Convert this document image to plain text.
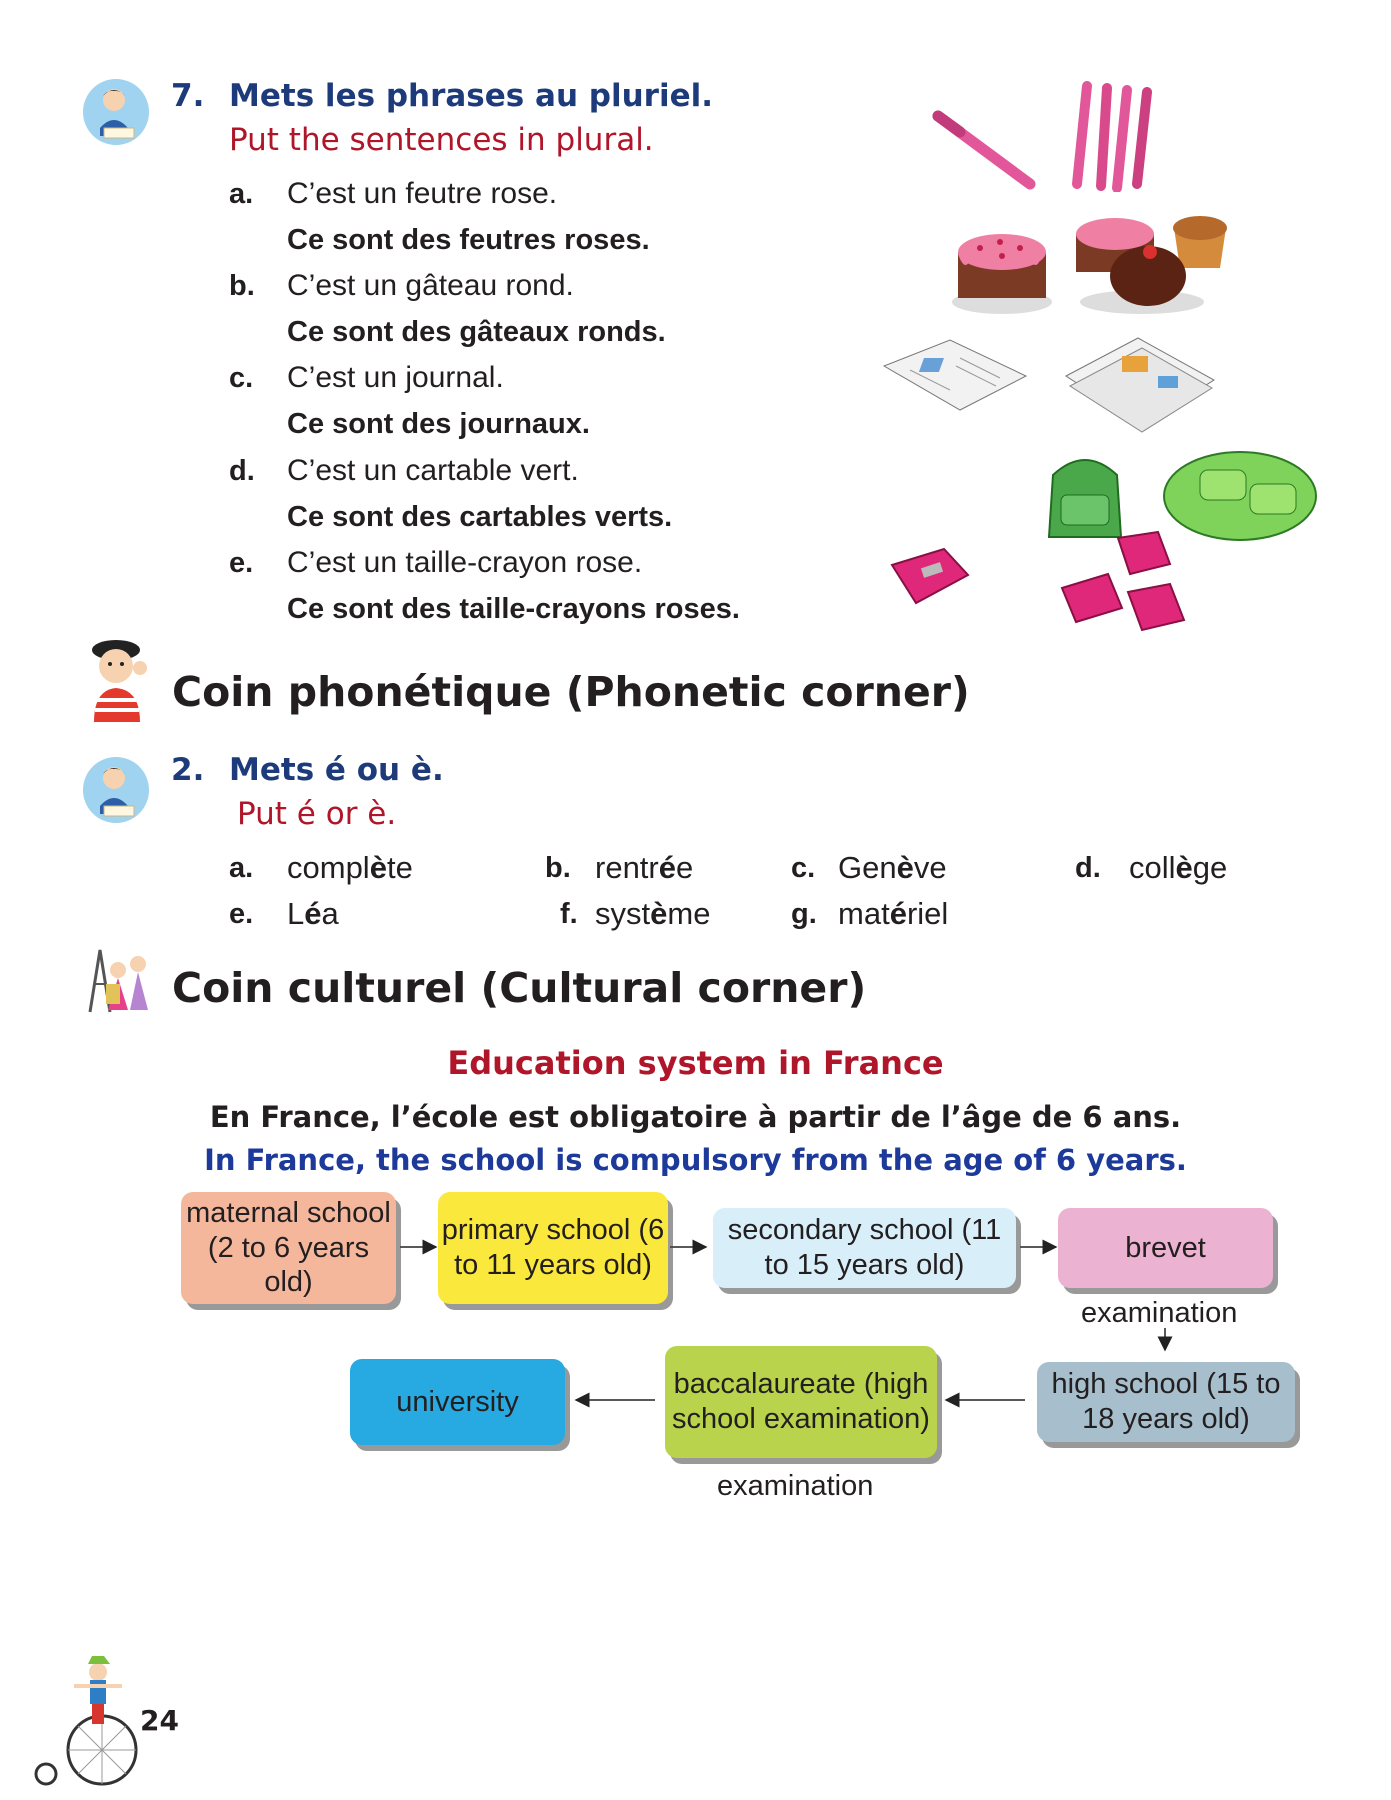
7. Mets les phrases au pluriel.
Put the sentences in plural.
a. C’est un feutre rose.
Ce sont des feutres roses.
b. C’est un gâteau rond.
Ce sont des gâteaux ronds.
c. C’est un journal.
Ce sont des journaux.
d. C’est un cartable vert.
Ce sont des cartables verts.
e. C’est un taille-crayon rose.
Ce sont des taille-crayons roses.
Coin phonétique (Phonetic corner)
2. Mets é ou è.
Put é or è.
a. complète	b. rentrée	c. Genève	d. collège
e. Léa	f. système	g. matériel
Coin culturel (Cultural corner)
Education system in France
En France, l’école est obligatoire à partir de l’âge de 6 ans.
In France, the school is compulsory from the age of 6 years.
maternal school (2 to 6 years old)
primary school (6 to 11 years old)
secondary school (11 to 15 years old)
brevet
examination
high school (15 to 18 years old)
baccalaureate (high school examination)
examination
university
24
